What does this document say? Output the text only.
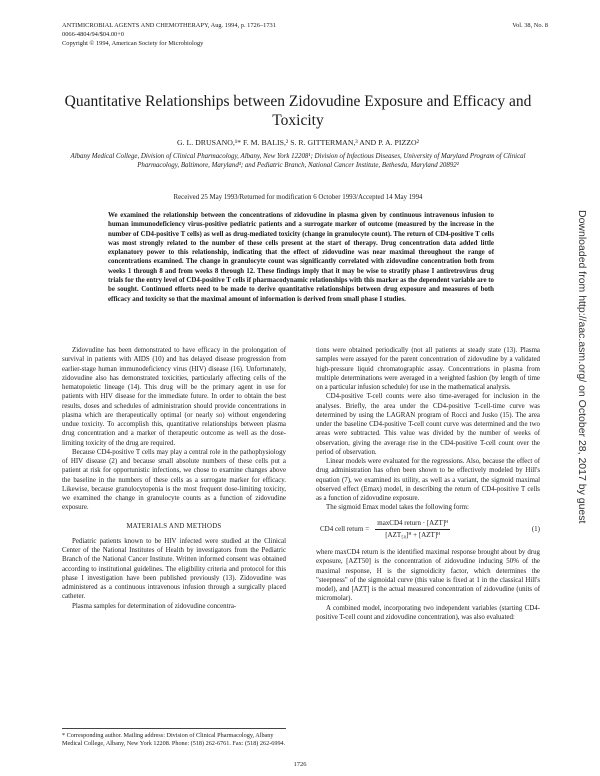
ANTIMICROBIAL AGENTS AND CHEMOTHERAPY, Aug. 1994, p. 1726–1731
0066-4804/94/$04.00+0
Copyright © 1994, American Society for Microbiology
Vol. 38, No. 8
Quantitative Relationships between Zidovudine Exposure and Efficacy and Toxicity
G. L. DRUSANO,¹* F. M. BALIS,² S. R. GITTERMAN,³ AND P. A. PIZZO²
Albany Medical College, Division of Clinical Pharmacology, Albany, New York 12208¹; Division of Infectious Diseases, University of Maryland Program of Clinical Pharmacology, Baltimore, Maryland³; and Pediatric Branch, National Cancer Institute, Bethesda, Maryland 20892²
Received 25 May 1993/Returned for modification 6 October 1993/Accepted 14 May 1994
We examined the relationship between the concentrations of zidovudine in plasma given by continuous intravenous infusion to human immunodeficiency virus-positive pediatric patients and a surrogate marker of outcome (measured by the increase in the number of CD4-positive T cells) as well as drug-mediated toxicity (change in granulocyte count). The return of CD4-positive T cells was most strongly related to the number of these cells present at the start of therapy. Drug concentration data added little explanatory power to this relationship, indicating that the effect of zidovudine was near maximal throughout the range of concentrations examined. The change in granulocyte count was significantly correlated with zidovudine concentration both from weeks 1 through 8 and from weeks 8 through 12. These findings imply that it may be wise to stratify phase I antiretrovirus drug trials for the entry level of CD4-positive T cells if pharmacodynamic relationships with this marker as the dependent variable are to be sought. Continued efforts need to be made to derive quantitative relationships between drug exposure and measures of both efficacy and toxicity so that the maximal amount of information is derived from small phase I studies.

Zidovudine has been demonstrated to have efficacy in the prolongation of survival in patients with AIDS (10) and has delayed disease progression from earlier-stage human immunodeficiency virus (HIV) disease (16). Unfortunately, zidovudine also has demonstrated toxicities, particularly affecting cells of the hematopoietic lineage (14). This drug will be the primary agent in use for patients with HIV disease for the immediate future. In order to obtain the best results, doses and schedules of administration should provide concentrations in plasma which are therapeutically optimal (or nearly so) without engendering undue toxicity. To accomplish this, quantitative relationships between plasma drug concentration and a marker of therapeutic outcome as well as the dose-limiting toxicity of the drug are required.

Because CD4-positive T cells may play a central role in the pathophysiology of HIV disease (2) and because small absolute numbers of these cells put a patient at risk for opportunistic infections, we chose to examine changes above the baseline in the numbers of these cells as a surrogate marker for efficacy. Likewise, because granulocytopenia is the most frequent dose-limiting toxicity, we examined the change in granulocyte counts as a function of zidovudine exposure.

MATERIALS AND METHODS

Pediatric patients known to be HIV infected were studied at the Clinical Center of the National Institutes of Health by investigators from the Pediatric Branch of the National Cancer Institute. Written informed consent was obtained according to institutional guidelines. The eligibility criteria and protocol for this phase I investigation have been published previously (13). Zidovudine was administered as a continuous intravenous infusion through a surgically placed catheter.

Plasma samples for determination of zidovudine concentra-

* Corresponding author. Mailing address: Division of Clinical Pharmacology, Albany Medical College, Albany, New York 12208. Phone: (518) 262-6761. Fax: (518) 262-6994.

tions were obtained periodically (not all patients at steady state (13). Plasma samples were assayed for the parent concentration of zidovudine by a validated high-pressure liquid chromatographic assay. Concentrations in plasma from multiple determinations were averaged in a weighted fashion (by length of time on a particular infusion schedule) for use in the mathematical analysis.

CD4-positive T-cell counts were also time-averaged for inclusion in the analyses. Briefly, the area under the CD4-positive T-cell-time curve was determined by using the LAGRAN program of Rocci and Jusko (15). The area under the baseline CD4-positive T-cell count curve was determined and the two areas were subtracted. This value was divided by the number of weeks of observation, giving the average rise in the CD4-positive T-cell count over the period of observation.

Linear models were evaluated for the regressions. Also, because the effect of drug administration has often been shown to be effectively modeled by Hill's equation (7), we examined its utility, as well as a variant, the sigmoid maximal observed effect (Emax) model, in describing the return of CD4-positive T cells as a function of zidovudine exposure.

The sigmoid Emax model takes the following form:

CD4 cell return = $\frac{\text{maxCD4 return · [AZT]ᴴ}}{\text{[AZT₅₀]ᴴ + [AZT]ᴴ}}$	(1)

where maxCD4 return is the identified maximal response brought about by drug exposure, [AZT50] is the concentration of zidovudine inducing 50% of the maximal response, H is the sigmoidicity factor, which determines the "steepness" of the sigmoidal curve (this value is fixed at 1 in the classical Hill's model), and [AZT] is the actual measured concentration of zidovudine (units of micromolar).

A combined model, incorporating two independent variables (starting CD4-positive T-cell count and zidovudine concentration), was also evaluated:

1726
Downloaded from http://aac.asm.org/ on October 28, 2017 by guest
